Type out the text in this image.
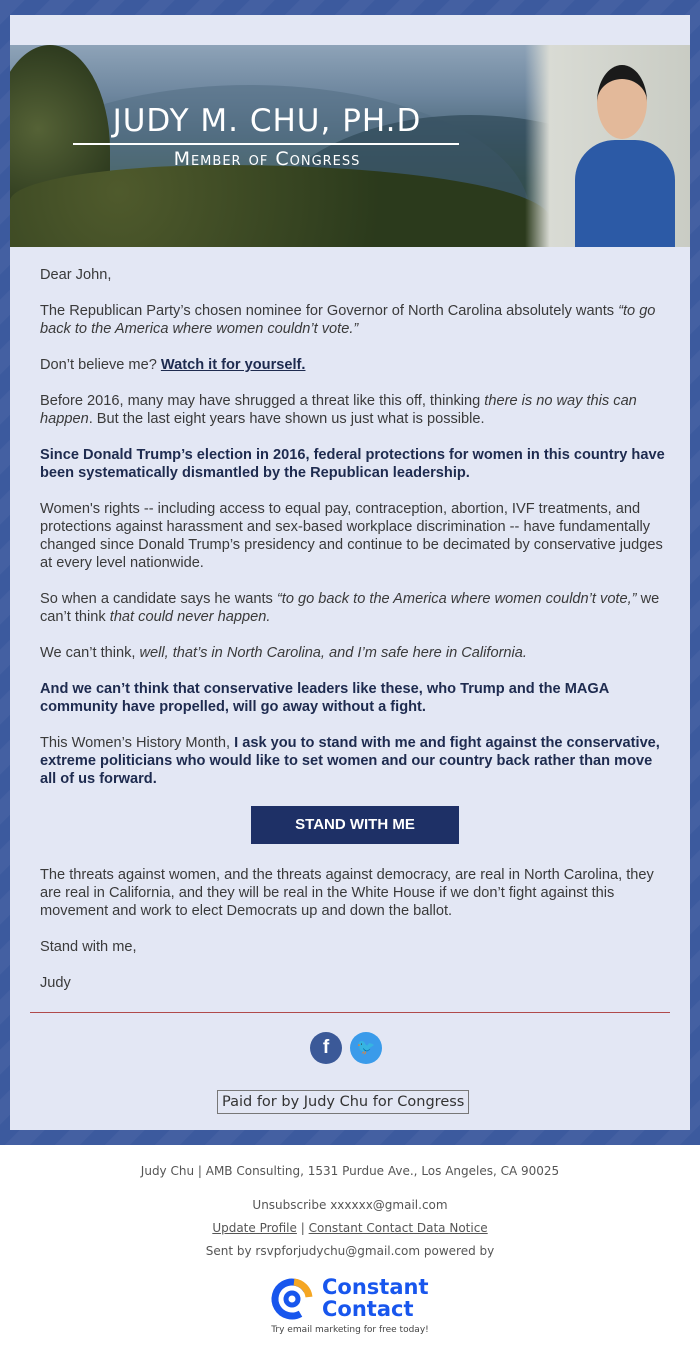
JUDY M. CHU, PH.D
Member of Congress

Dear John,

The Republican Party’s chosen nominee for Governor of North Carolina absolutely wants “to go back to the America where women couldn’t vote.”

Don’t believe me? Watch it for yourself.

Before 2016, many may have shrugged a threat like this off, thinking there is no way this can happen. But the last eight years have shown us just what is possible.

Since Donald Trump’s election in 2016, federal protections for women in this country have been systematically dismantled by the Republican leadership.

Women's rights -- including access to equal pay, contraception, abortion, IVF treatments, and protections against harassment and sex-based workplace discrimination -- have fundamentally changed since Donald Trump’s presidency and continue to be decimated by conservative judges at every level nationwide.

So when a candidate says he wants “to go back to the America where women couldn’t vote,” we can’t think that could never happen.

We can’t think, well, that’s in North Carolina, and I’m safe here in California.

And we can’t think that conservative leaders like these, who Trump and the MAGA community have propelled, will go away without a fight.

This Women’s History Month, I ask you to stand with me and fight against the conservative, extreme politicians who would like to set women and our country back rather than move all of us forward.

STAND WITH ME

The threats against women, and the threats against democracy, are real in North Carolina, they are real in California, and they will be real in the White House if we don’t fight against this movement and work to elect Democrats up and down the ballot.

Stand with me,

Judy

f	🐦
Paid for by Judy Chu for Congress
Judy Chu | AMB Consulting, 1531 Purdue Ave., Los Angeles, CA 90025
Unsubscribe xxxxxx@gmail.com
Update Profile | Constant Contact Data Notice
Sent by rsvpforjudychu@gmail.com powered by
Constant
Contact
Try email marketing for free today!
